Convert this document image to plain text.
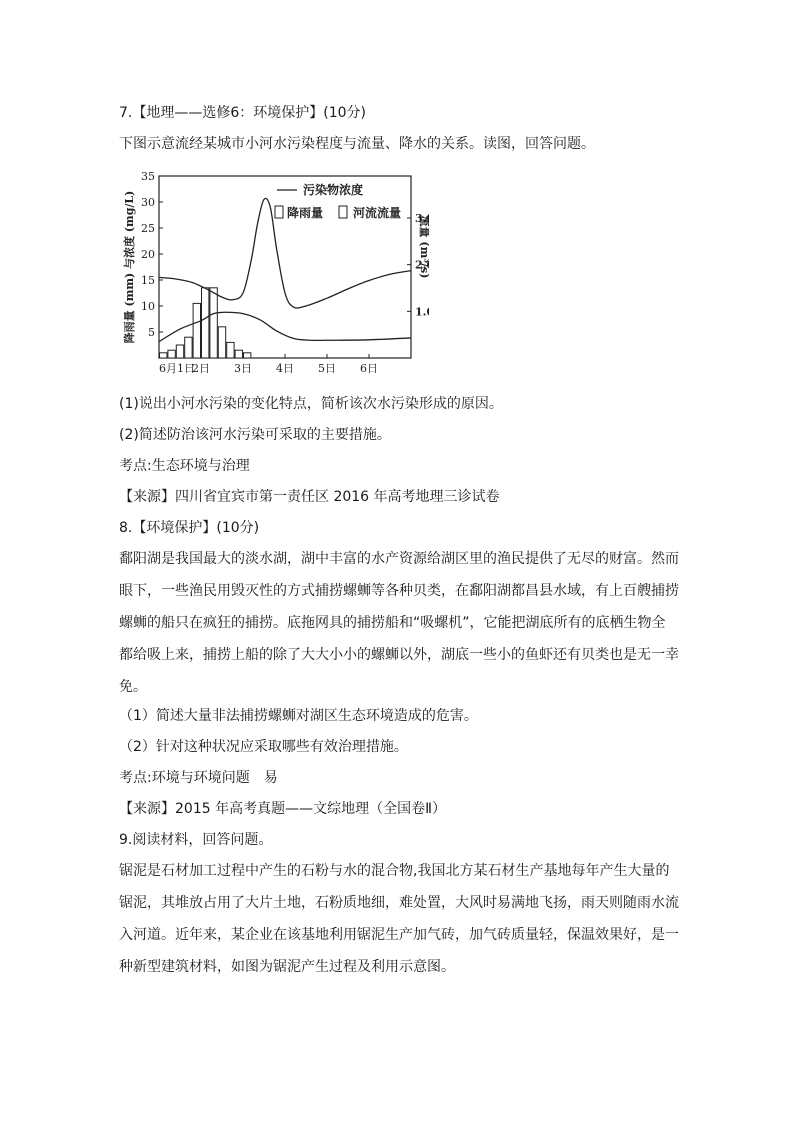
7.【地理——选修6：环境保护】(10分)
下图示意流经某城市小河水污染程度与流量、降水的关系。读图，回答问题。
5
10
15
20
25
30
35
1.
2.
3.
6月1日
2日 3日 4日 5日 6日
降雨量 (mm) 与浓度 (mg/L)	流量 (m³/s)
污染物浓度
降雨量 河流流量
(1)说出小河水污染的变化特点，简析该次水污染形成的原因。
(2)简述防治该河水污染可采取的主要措施。
考点:生态环境与治理
【来源】四川省宜宾市第一责任区 2016 年高考地理三诊试卷
8.【环境保护】(10分)
鄱阳湖是我国最大的淡水湖，湖中丰富的水产资源给湖区里的渔民提供了无尽的财富。然而眼下，一些渔民用毁灭性的方式捕捞螺蛳等各种贝类，在鄱阳湖都昌县水域，有上百艘捕捞螺蛳的船只在疯狂的捕捞。底拖网具的捕捞船和“吸螺机”，它能把湖底所有的底栖生物全都给吸上来，捕捞上船的除了大大小小的螺蛳以外，湖底一些小的鱼虾还有贝类也是无一幸免。
（1）简述大量非法捕捞螺蛳对湖区生态环境造成的危害。
（2）针对这种状况应采取哪些有效治理措施。
考点:环境与环境问题　易
【来源】2015 年高考真题——文综地理（全国卷Ⅱ）
9.阅读材料，回答问题。
锯泥是石材加工过程中产生的石粉与水的混合物,我国北方某石材生产基地每年产生大量的锯泥，其堆放占用了大片土地，石粉质地细，难处置，大风时易满地飞扬，雨天则随雨水流入河道。近年来，某企业在该基地利用锯泥生产加气砖，加气砖质量轻，保温效果好，是一种新型建筑材料，如图为锯泥产生过程及利用示意图。
